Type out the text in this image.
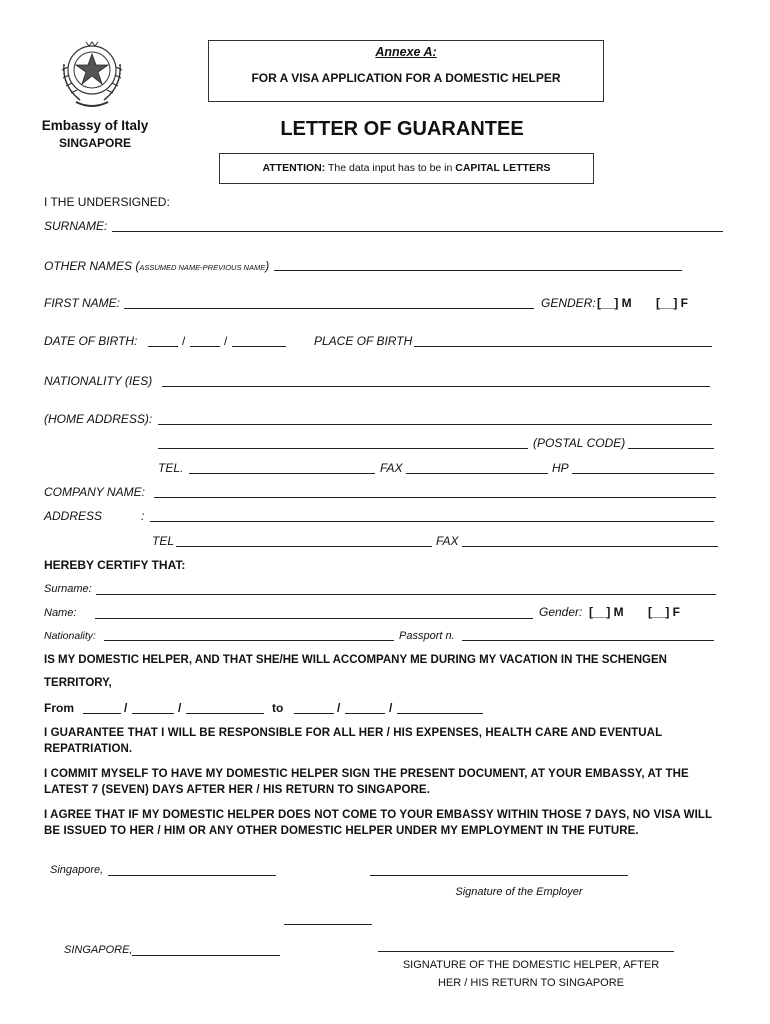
Annexe A:
FOR A VISA APPLICATION FOR A DOMESTIC HELPER
Embassy of Italy
SINGAPORE
LETTER OF GUARANTEE
ATTENTION: The data input has to be in CAPITAL LETTERS
I THE UNDERSIGNED:
SURNAME:
OTHER NAMES (ASSUMED NAME-PREVIOUS NAME)
FIRST NAME:	GENDER: [__] M [__] F
DATE OF BIRTH:	/	/	PLACE OF BIRTH
NATIONALITY (IES)
(HOME ADDRESS):
(POSTAL CODE)
TEL.	FAX	HP
COMPANY NAME:
ADDRESS	:
TEL	FAX
HEREBY CERTIFY THAT:
Surname:
Name:	Gender: [__] M [__] F
Nationality:	Passport n.
IS MY DOMESTIC HELPER, AND THAT SHE/HE WILL ACCOMPANY ME DURING MY VACATION IN THE SCHENGEN
TERRITORY,
From	/	/	to	/	/
I GUARANTEE THAT I WILL BE RESPONSIBLE FOR ALL HER / HIS EXPENSES, HEALTH CARE AND EVENTUAL REPATRIATION.
I COMMIT MYSELF TO HAVE MY DOMESTIC HELPER SIGN THE PRESENT DOCUMENT, AT YOUR EMBASSY, AT THE LATEST 7 (SEVEN) DAYS AFTER HER / HIS RETURN TO SINGAPORE.
I AGREE THAT IF MY DOMESTIC HELPER DOES NOT COME TO YOUR EMBASSY WITHIN THOSE 7 DAYS, NO VISA WILL BE ISSUED TO HER / HIM OR ANY OTHER DOMESTIC HELPER UNDER MY EMPLOYMENT IN THE FUTURE.
Singapore,
Signature of the Employer
SINGAPORE,
SIGNATURE OF THE DOMESTIC HELPER, AFTER
HER / HIS RETURN TO SINGAPORE
